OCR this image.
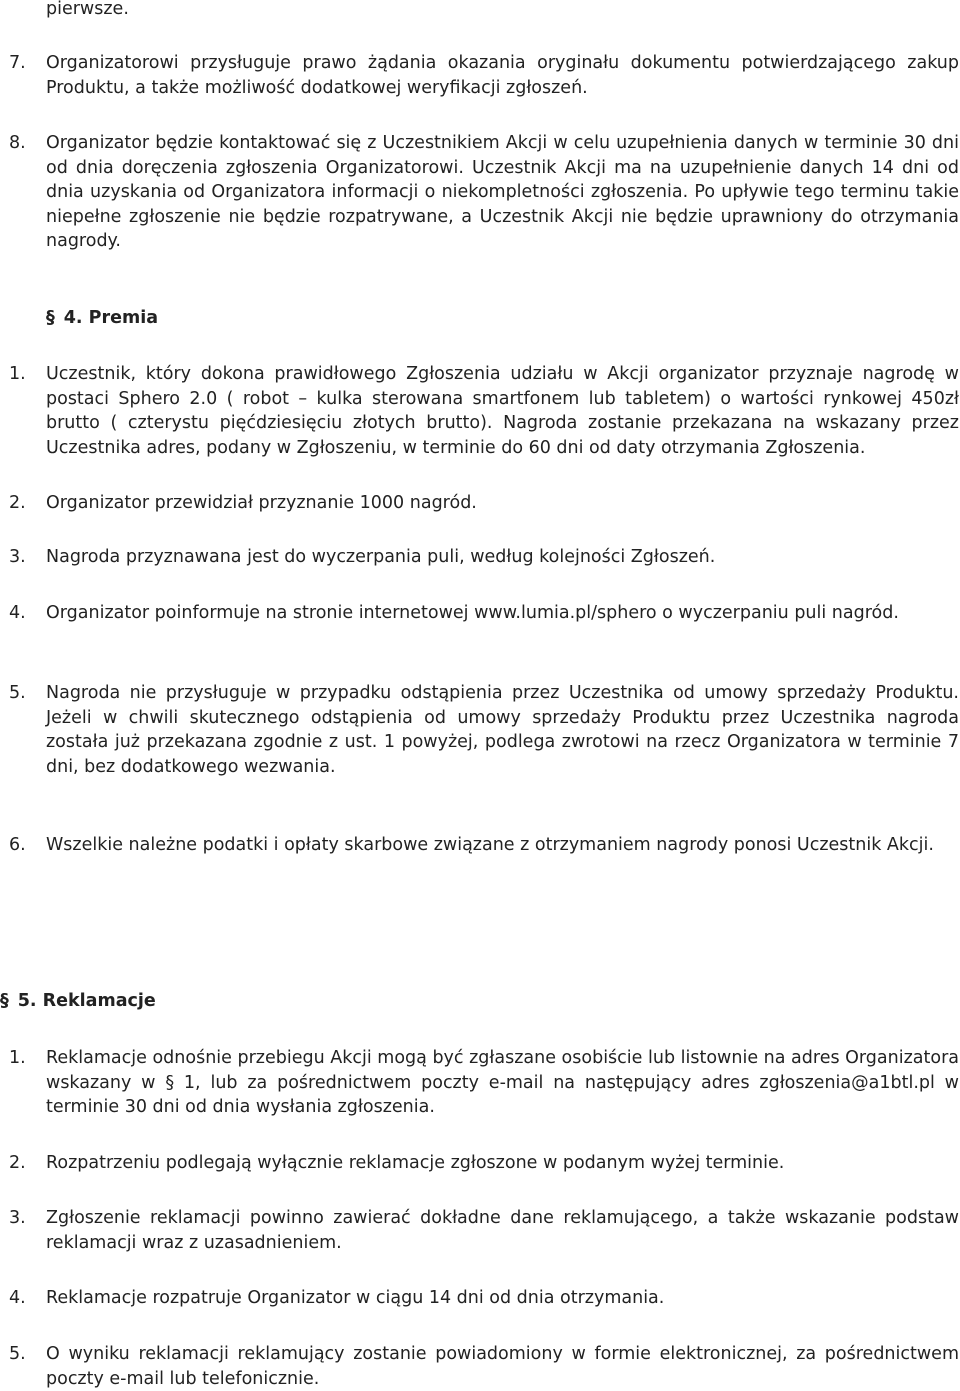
pierwsze.
7.	Organizatorowi przysługuje prawo żądania okazania oryginału dokumentu potwierdzającego zakup Produktu, a także możliwość dodatkowej weryfikacji zgłoszeń.
8.	Organizator będzie kontaktować się z Uczestnikiem Akcji w celu uzupełnienia danych w terminie 30 dni od dnia doręczenia zgłoszenia Organizatorowi. Uczestnik Akcji ma na uzupełnienie danych 14 dni od dnia uzyskania od Organizatora informacji o niekompletności zgłoszenia. Po upływie tego terminu takie niepełne zgłoszenie nie będzie rozpatrywane, a Uczestnik Akcji nie będzie uprawniony do otrzymania nagrody.
§ 4. Premia
1.	Uczestnik, który dokona prawidłowego Zgłoszenia udziału w Akcji organizator przyznaje nagrodę w postaci Sphero 2.0 ( robot – kulka sterowana smartfonem lub tabletem) o wartości rynkowej 450zł brutto ( czterystu pięćdziesięciu złotych brutto). Nagroda zostanie przekazana na wskazany przez Uczestnika adres, podany w Zgłoszeniu, w terminie do 60 dni od daty otrzymania Zgłoszenia.
2.	Organizator przewidział przyznanie 1000 nagród.
3.	Nagroda przyznawana jest do wyczerpania puli, według kolejności Zgłoszeń.
4.	Organizator poinformuje na stronie internetowej www.lumia.pl/sphero o wyczerpaniu puli nagród.
5.	Nagroda nie przysługuje w przypadku odstąpienia przez Uczestnika od umowy sprzedaży Produktu. Jeżeli w chwili skutecznego odstąpienia od umowy sprzedaży Produktu przez Uczestnika nagroda została już przekazana zgodnie z ust. 1 powyżej, podlega zwrotowi na rzecz Organizatora w terminie 7 dni, bez dodatkowego wezwania.
6.	Wszelkie należne podatki i opłaty skarbowe związane z otrzymaniem nagrody ponosi Uczestnik Akcji.
§ 5. Reklamacje
1.	Reklamacje odnośnie przebiegu Akcji mogą być zgłaszane osobiście lub listownie na adres Organizatora wskazany w § 1, lub za pośrednictwem poczty e-mail na następujący adres zgłoszenia@a1btl.pl w terminie 30 dni od dnia wysłania zgłoszenia.
2.	Rozpatrzeniu podlegają wyłącznie reklamacje zgłoszone w podanym wyżej terminie.
3.	Zgłoszenie reklamacji powinno zawierać dokładne dane reklamującego, a także wskazanie podstaw reklamacji wraz z uzasadnieniem.
4.	Reklamacje rozpatruje Organizator w ciągu 14 dni od dnia otrzymania.
5.	O wyniku reklamacji reklamujący zostanie powiadomiony w formie elektronicznej, za pośrednictwem poczty e-mail lub telefonicznie.
